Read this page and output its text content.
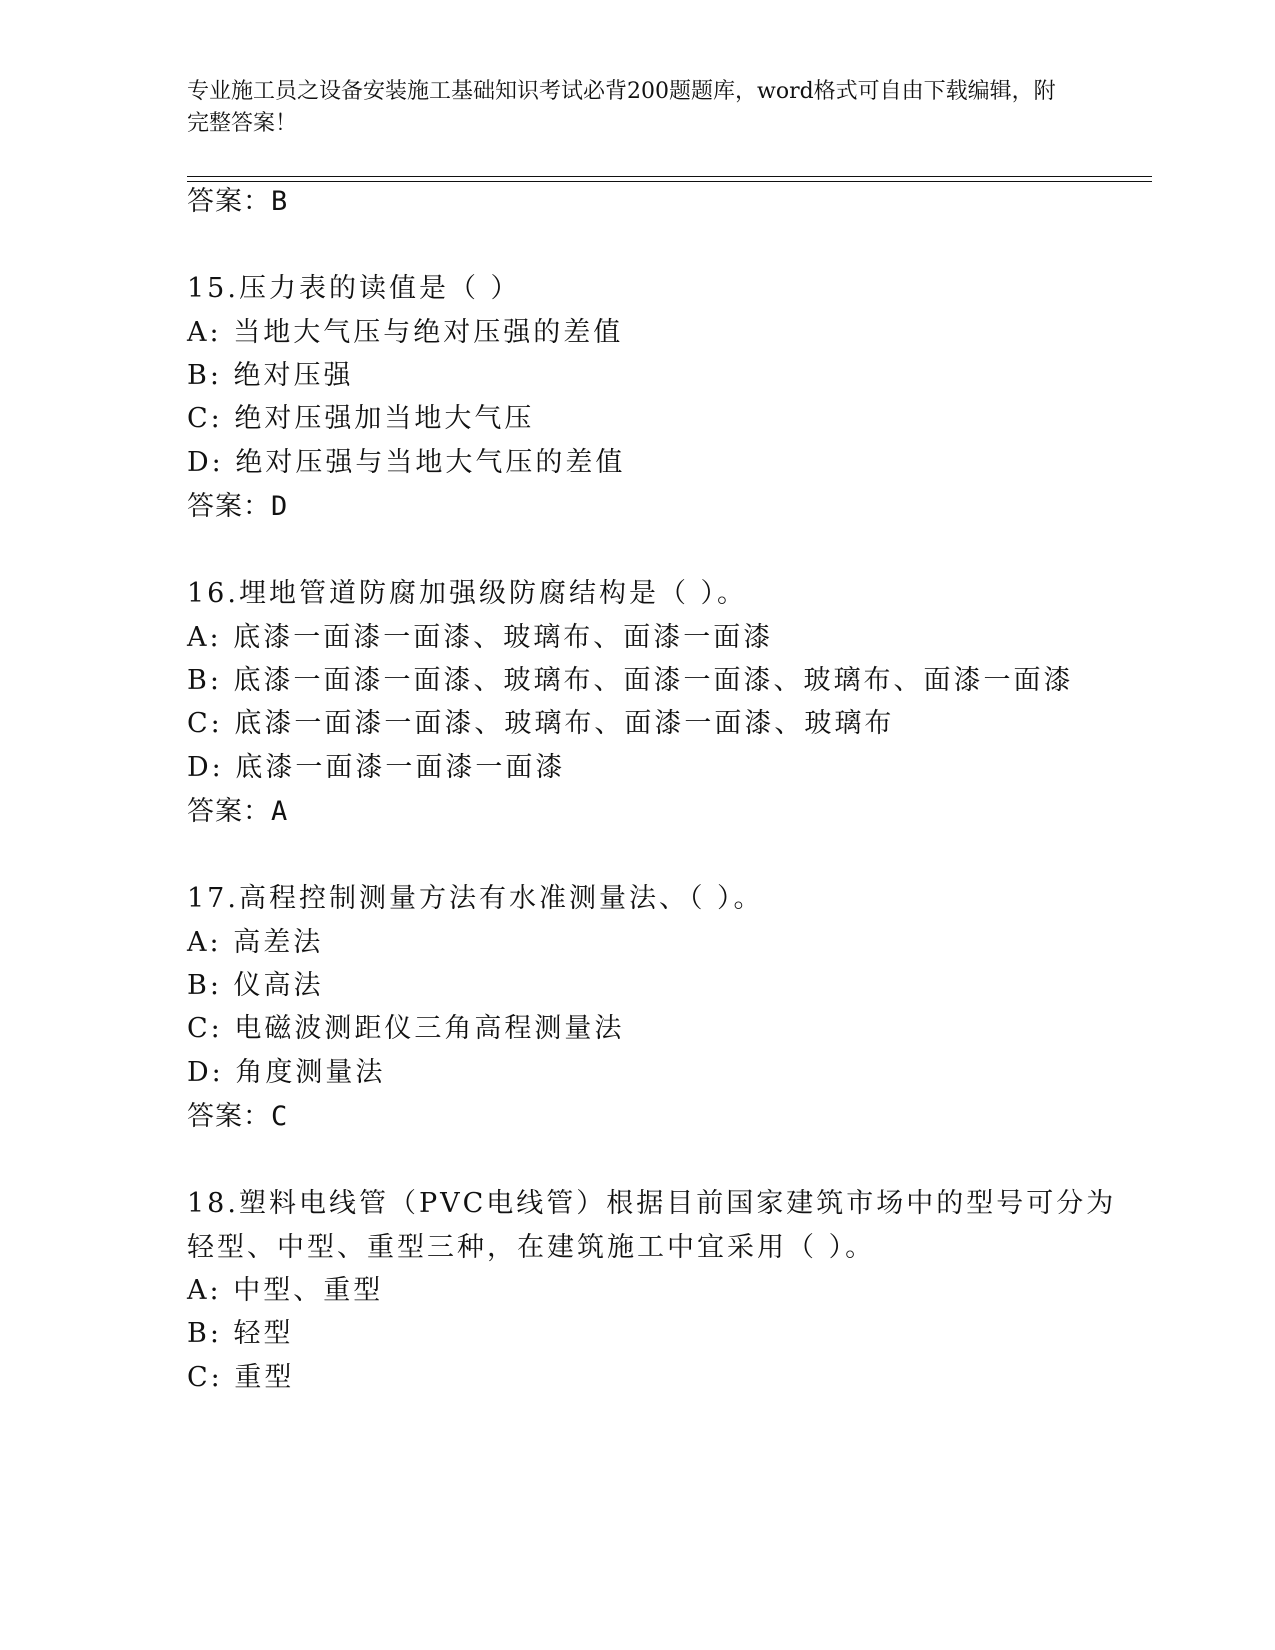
专业施工员之设备安装施工基础知识考试必背200题题库，word格式可自由下载编辑，附完整答案！
答案：B
15.压力表的读值是（ ）
A: 当地大气压与绝对压强的差值
B: 绝对压强
C: 绝对压强加当地大气压
D: 绝对压强与当地大气压的差值
答案：D
16.埋地管道防腐加强级防腐结构是（ ）。
A: 底漆一面漆一面漆、玻璃布、面漆一面漆
B: 底漆一面漆一面漆、玻璃布、面漆一面漆、玻璃布、面漆一面漆
C: 底漆一面漆一面漆、玻璃布、面漆一面漆、玻璃布
D: 底漆一面漆一面漆一面漆
答案：A
17.高程控制测量方法有水准测量法、（ ）。
A: 高差法
B: 仪高法
C: 电磁波测距仪三角高程测量法
D: 角度测量法
答案：C
18.塑料电线管（PVC电线管）根据目前国家建筑市场中的型号可分为
轻型、中型、重型三种，在建筑施工中宜采用（ ）。
A: 中型、重型
B: 轻型
C: 重型
